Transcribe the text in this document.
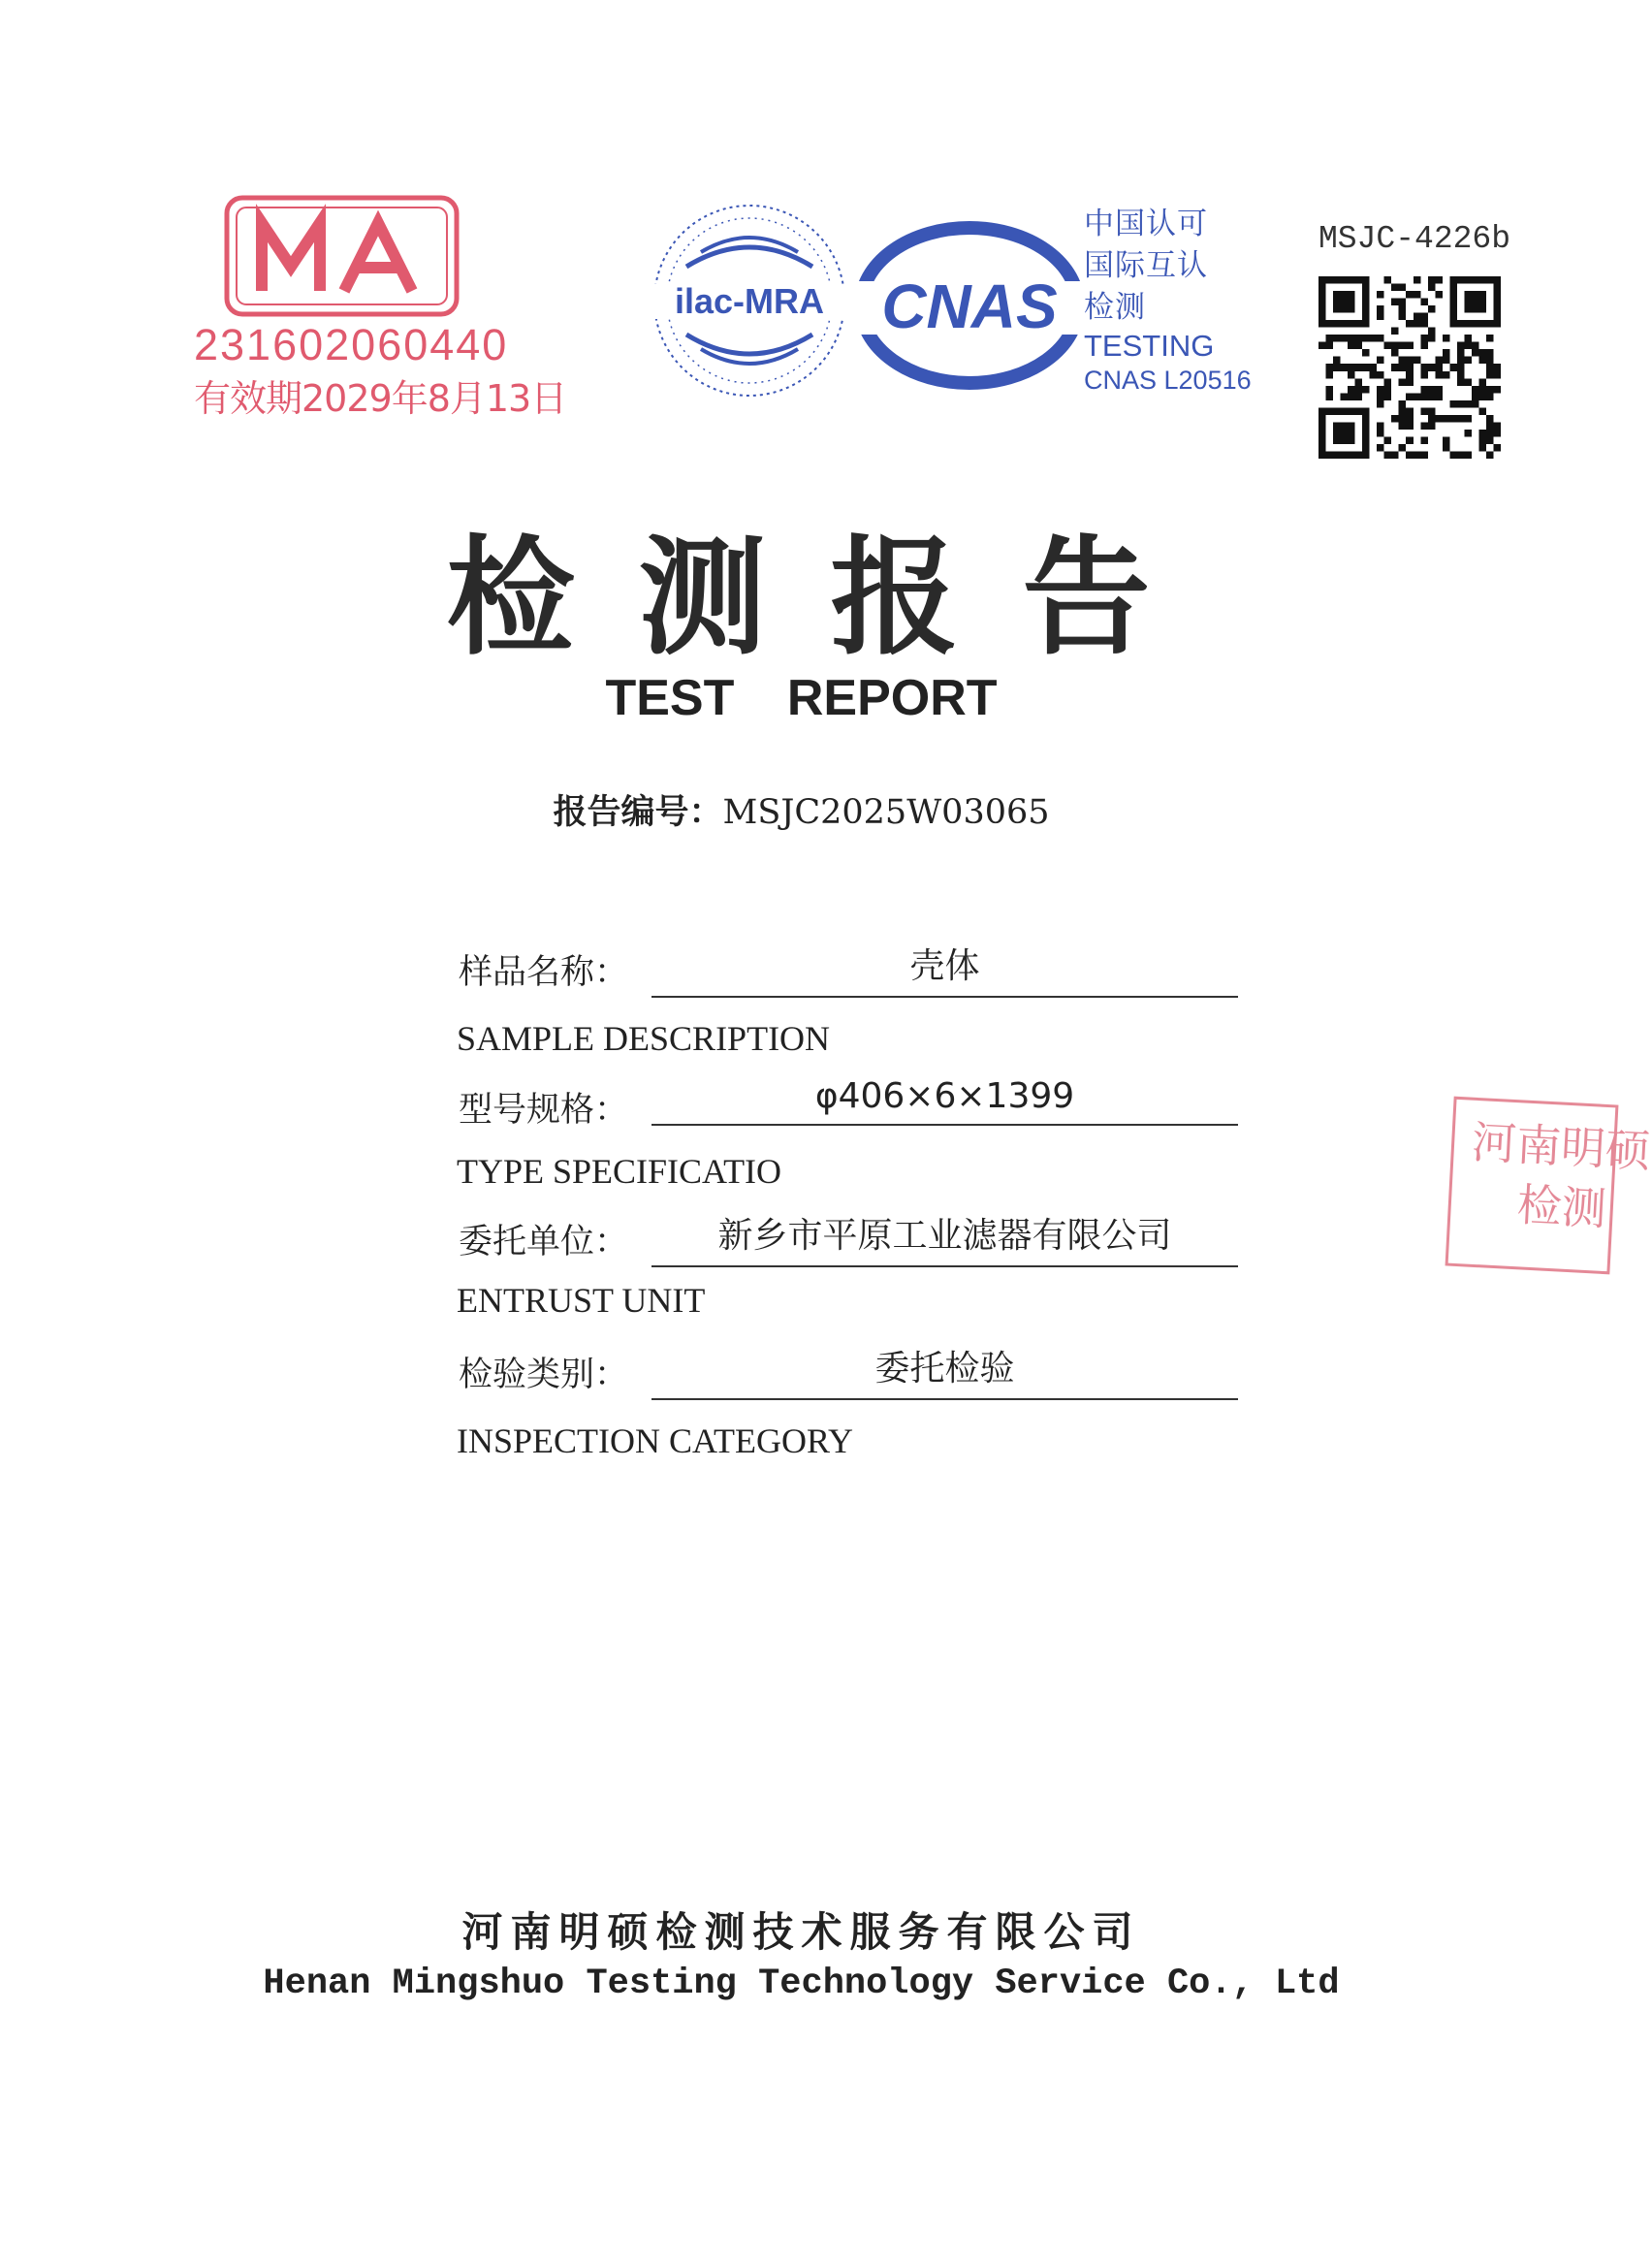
231602060440
有效期2029年8月13日
ilac-MRA CNAS
中国认可
国际互认
检测
TESTING
CNAS L20516
MSJC-4226b
检测报告
TEST REPORT
报告编号：MSJC2025W03065
样品名称：	壳体
SAMPLE DESCRIPTION
型号规格：	φ406×6×1399
TYPE SPECIFICATIO
委托单位：	新乡市平原工业滤器有限公司
ENTRUST UNIT
检验类别：	委托检验
INSPECTION CATEGORY
河南明硕
检测
河南明硕检测技术服务有限公司
Henan Mingshuo Testing Technology Service Co., Ltd
